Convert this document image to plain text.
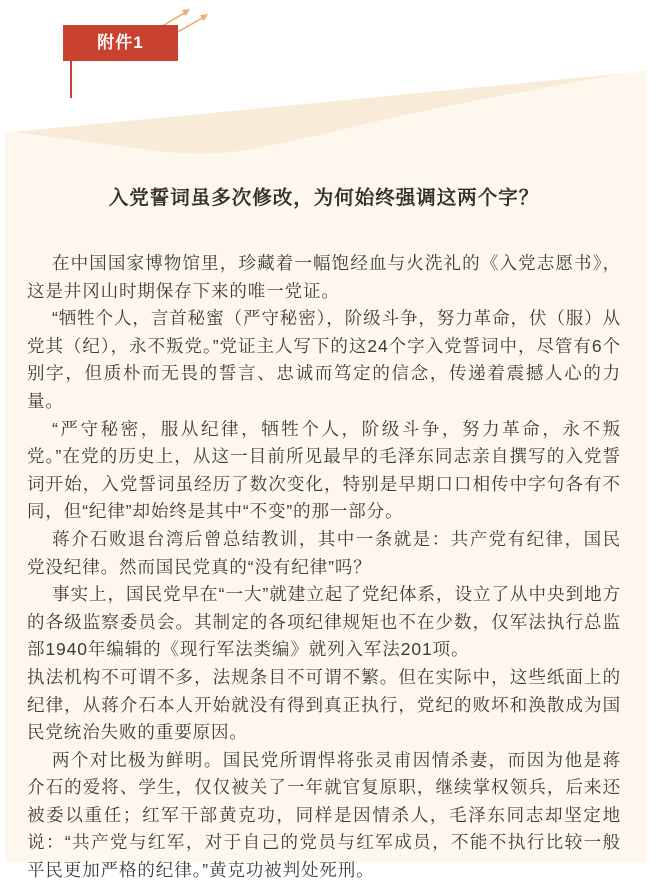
附件1
入党誓词虽多次修改，为何始终强调这两个字？

在中国国家博物馆里，珍藏着一幅饱经血与火洗礼的《入党志愿书》，这是井冈山时期保存下来的唯一党证。

“牺牲个人，言首秘蜜（严守秘密），阶级斗争，努力革命，伏（服）从党其（纪），永不叛党。”党证主人写下的这24个字入党誓词中，尽管有6个别字，但质朴而无畏的誓言、忠诚而笃定的信念，传递着震撼人心的力量。

“严守秘密，服从纪律，牺牲个人，阶级斗争，努力革命，永不叛党。”在党的历史上，从这一目前所见最早的毛泽东同志亲自撰写的入党誓词开始，入党誓词虽经历了数次变化，特别是早期口口相传中字句各有不同，但“纪律”却始终是其中“不变”的那一部分。

蒋介石败退台湾后曾总结教训，其中一条就是：共产党有纪律，国民党没纪律。然而国民党真的“没有纪律”吗？

事实上，国民党早在“一大”就建立起了党纪体系，设立了从中央到地方的各级监察委员会。其制定的各项纪律规矩也不在少数，仅军法执行总监部1940年编辑的《现行军法类编》就列入军法201项。

执法机构不可谓不多，法规条目不可谓不繁。但在实际中，这些纸面上的纪律，从蒋介石本人开始就没有得到真正执行，党纪的败坏和涣散成为国民党统治失败的重要原因。

两个对比极为鲜明。国民党所谓悍将张灵甫因情杀妻，而因为他是蒋介石的爱将、学生，仅仅被关了一年就官复原职，继续掌权领兵，后来还被委以重任；红军干部黄克功，同样是因情杀人，毛泽东同志却坚定地说：“共产党与红军，对于自己的党员与红军成员，不能不执行比较一般平民更加严格的纪律。”黄克功被判处死刑。
